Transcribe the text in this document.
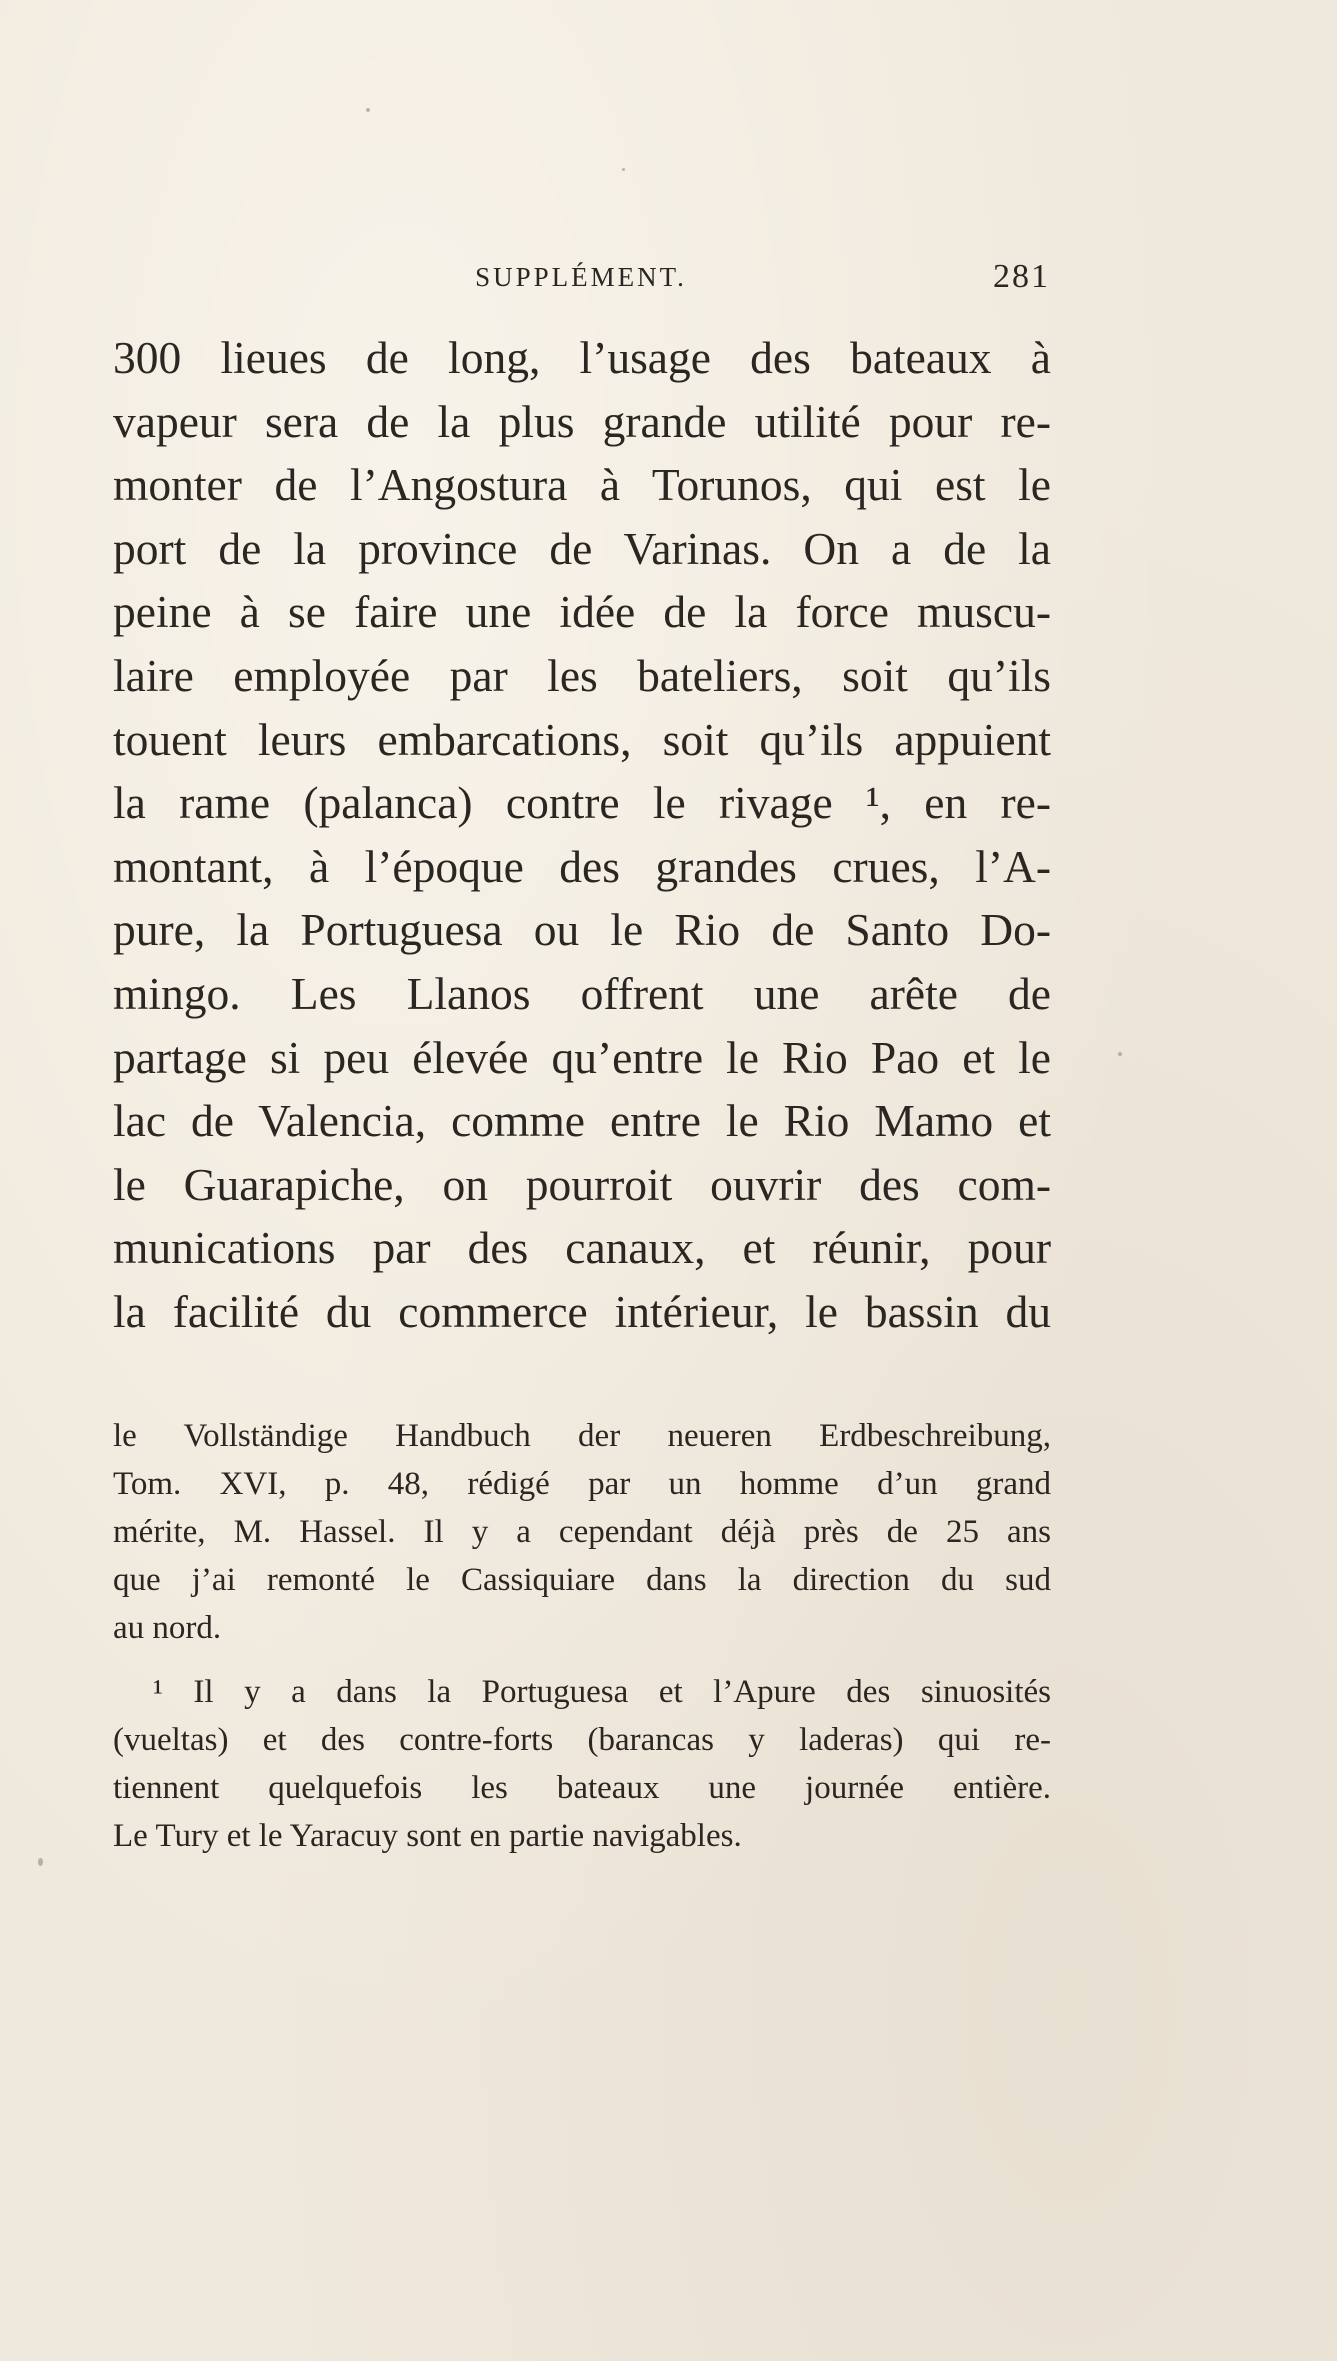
SUPPLÉMENT.	281
300 lieues de long, l’usage des bateaux à
vapeur sera de la plus grande utilité pour re-
monter de l’Angostura à Torunos, qui est le
port de la province de Varinas. On a de la
peine à se faire une idée de la force muscu-
laire employée par les bateliers, soit qu’ils
touent leurs embarcations, soit qu’ils appuient
la rame (palanca) contre le rivage ¹, en re-
montant, à l’époque des grandes crues, l’A-
pure, la Portuguesa ou le Rio de Santo Do-
mingo. Les Llanos offrent une arête de
partage si peu élevée qu’entre le Rio Pao et le
lac de Valencia, comme entre le Rio Mamo et
le Guarapiche, on pourroit ouvrir des com-
munications par des canaux, et réunir, pour
la facilité du commerce intérieur, le bassin du
le Vollständige Handbuch der neueren Erdbeschreibung,
Tom. XVI, p. 48, rédigé par un homme d’un grand
mérite, M. Hassel. Il y a cependant déjà près de 25 ans
que j’ai remonté le Cassiquiare dans la direction du sud
au nord.
¹ Il y a dans la Portuguesa et l’Apure des sinuosités
(vueltas) et des contre-forts (barancas y laderas) qui re-
tiennent quelquefois les bateaux une journée entière.
Le Tury et le Yaracuy sont en partie navigables.
